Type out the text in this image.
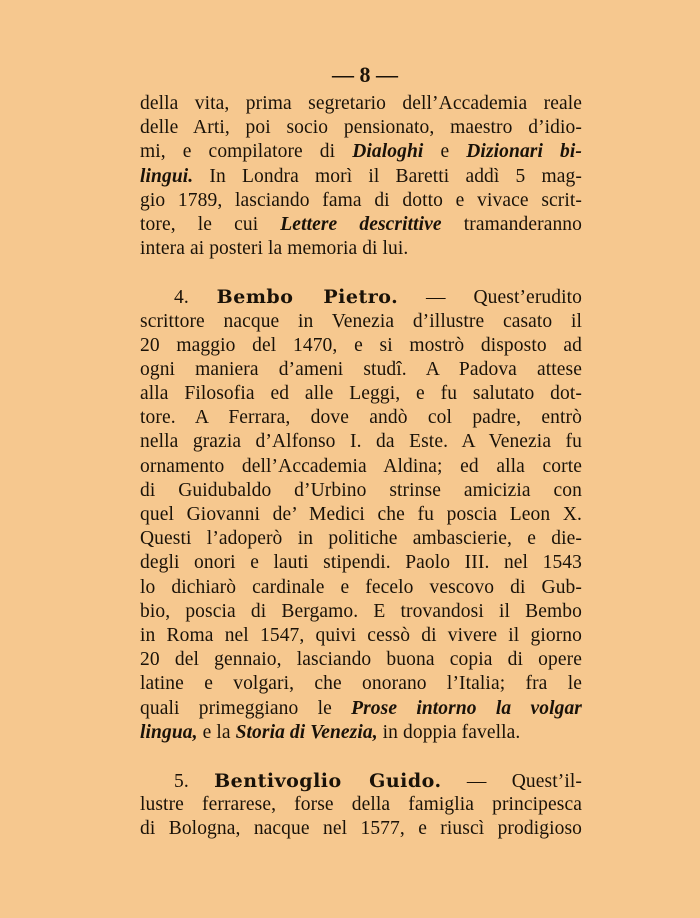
— 8 —
della vita, prima segretario dell’Accademia reale
delle Arti, poi socio pensionato, maestro d’idio-
mi, e compilatore di Dialoghi e Dizionari bi-
lingui. In Londra morì il Baretti addì 5 mag-
gio 1789, lasciando fama di dotto e vivace scrit-
tore, le cui Lettere descrittive tramanderanno
intera ai posteri la memoria di lui.
4. Bembo Pietro. — Quest’erudito
scrittore nacque in Venezia d’illustre casato il
20 maggio del 1470, e si mostrò disposto ad
ogni maniera d’ameni studî. A Padova attese
alla Filosofia ed alle Leggi, e fu salutato dot-
tore. A Ferrara, dove andò col padre, entrò
nella grazia d’Alfonso I. da Este. A Venezia fu
ornamento dell’Accademia Aldina; ed alla corte
di Guidubaldo d’Urbino strinse amicizia con
quel Giovanni de’ Medici che fu poscia Leon X.
Questi l’adoperò in politiche ambascierie, e die-
degli onori e lauti stipendi. Paolo III. nel 1543
lo dichiarò cardinale e fecelo vescovo di Gub-
bio, poscia di Bergamo. E trovandosi il Bembo
in Roma nel 1547, quivi cessò di vivere il giorno
20 del gennaio, lasciando buona copia di opere
latine e volgari, che onorano l’Italia; fra le
quali primeggiano le Prose intorno la volgar
lingua, e la Storia di Venezia, in doppia favella.
5. Bentivoglio Guido. — Quest’il-
lustre ferrarese, forse della famiglia principesca
di Bologna, nacque nel 1577, e riuscì prodigioso
